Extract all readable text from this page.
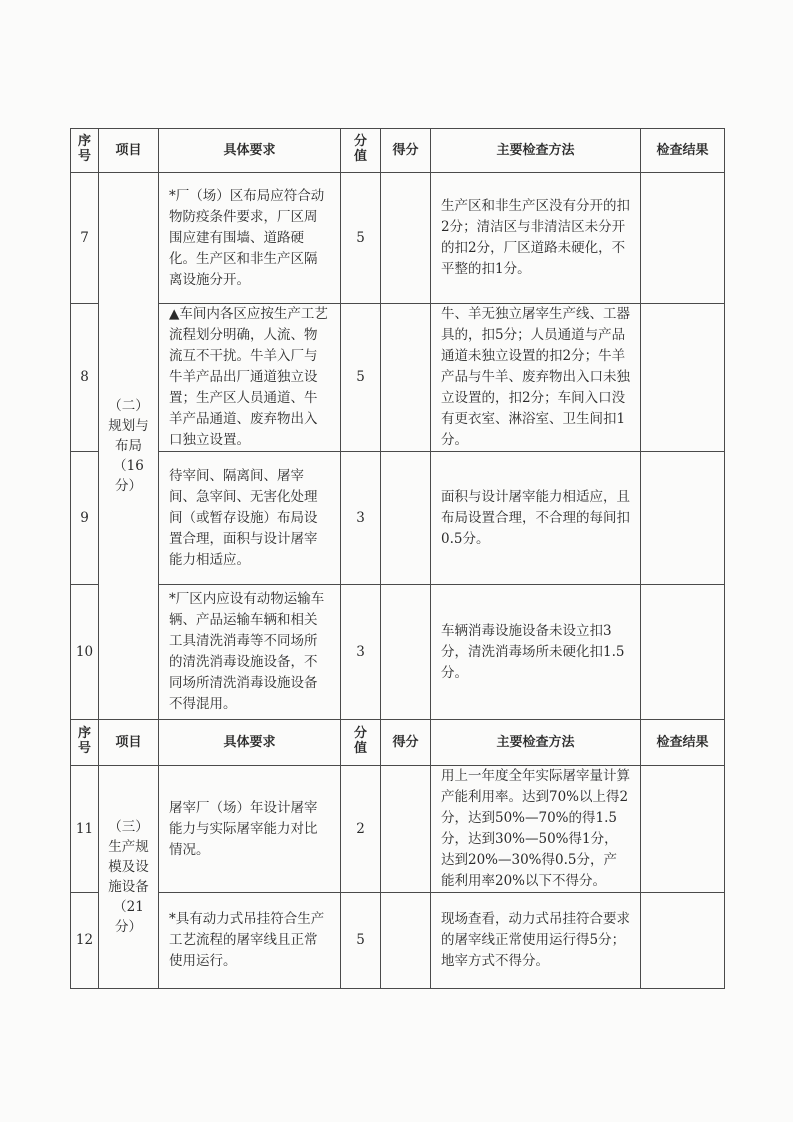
序号	项目	具体要求	分值	得分	主要检查方法	检查结果
7	（二）规划与布局（16分）	*厂（场）区布局应符合动物防疫条件要求，厂区周围应建有围墙、道路硬化。生产区和非生产区隔离设施分开。	5		生产区和非生产区没有分开的扣2分；清洁区与非清洁区未分开的扣2分，厂区道路未硬化，不平整的扣1分。	
8		▲车间内各区应按生产工艺流程划分明确，人流、物流互不干扰。牛羊入厂与牛羊产品出厂通道独立设置；生产区人员通道、牛羊产品通道、废弃物出入口独立设置。	5		牛、羊无独立屠宰生产线、工器具的，扣5分；人员通道与产品通道未独立设置的扣2分；牛羊产品与牛羊、废弃物出入口未独立设置的，扣2分；车间入口没有更衣室、淋浴室、卫生间扣1分。	
9		待宰间、隔离间、屠宰间、急宰间、无害化处理间（或暂存设施）布局设置合理，面积与设计屠宰能力相适应。	3		面积与设计屠宰能力相适应，且布局设置合理，不合理的每间扣0.5分。	
10		*厂区内应设有动物运输车辆、产品运输车辆和相关工具清洗消毒等不同场所的清洗消毒设施设备，不同场所清洗消毒设施设备不得混用。	3		车辆消毒设施设备未设立扣3分，清洗消毒场所未硬化扣1.5分。	
序号	项目	具体要求	分值	得分	主要检查方法	检查结果
11	（三）生产规模及设施设备（21分）	屠宰厂（场）年设计屠宰能力与实际屠宰能力对比情况。	2		用上一年度全年实际屠宰量计算产能利用率。达到70%以上得2分，达到50%—70%的得1.5分，达到30%—50%得1分，达到20%—30%得0.5分，产能利用率20%以下不得分。	
12		*具有动力式吊挂符合生产工艺流程的屠宰线且正常使用运行。	5		现场查看，动力式吊挂符合要求的屠宰线正常使用运行得5分；地宰方式不得分。	
